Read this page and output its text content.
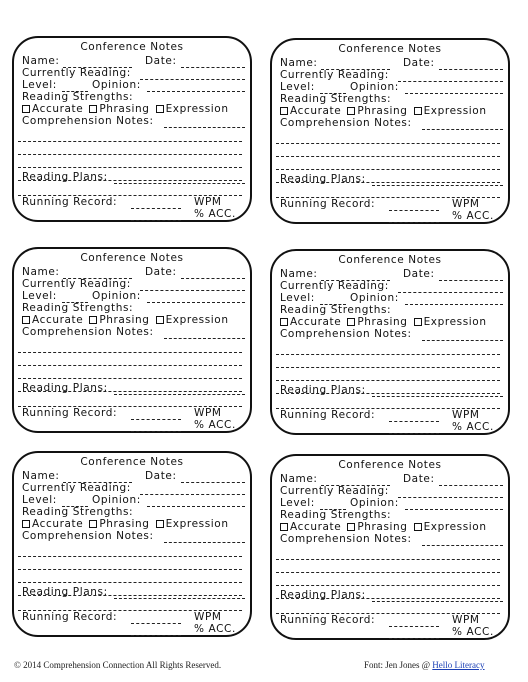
Conference Notes
Name:	Date:
Currently Reading:
Level:	Opinion:
Reading Strengths:
Accurate Phrasing Expression
Comprehension Notes:
Reading Plans:
Running Record:	WPM
% ACC.
Conference Notes
Name:	Date:
Currently Reading:
Level:	Opinion:
Reading Strengths:
Accurate Phrasing Expression
Comprehension Notes:
Reading Plans:
Running Record:	WPM
% ACC.
Conference Notes
Name:	Date:
Currently Reading:
Level:	Opinion:
Reading Strengths:
Accurate Phrasing Expression
Comprehension Notes:
Reading Plans:
Running Record:	WPM
% ACC.
Conference Notes
Name:	Date:
Currently Reading:
Level:	Opinion:
Reading Strengths:
Accurate Phrasing Expression
Comprehension Notes:
Reading Plans:
Running Record:	WPM
% ACC.
Conference Notes
Name:	Date:
Currently Reading:
Level:	Opinion:
Reading Strengths:
Accurate Phrasing Expression
Comprehension Notes:
Reading Plans:
Running Record:	WPM
% ACC.
Conference Notes
Name:	Date:
Currently Reading:
Level:	Opinion:
Reading Strengths:
Accurate Phrasing Expression
Comprehension Notes:
Reading Plans:
Running Record:	WPM
% ACC.
© 2014 Comprehension Connection All Rights Reserved.	Font: Jen Jones @ Hello Literacy
